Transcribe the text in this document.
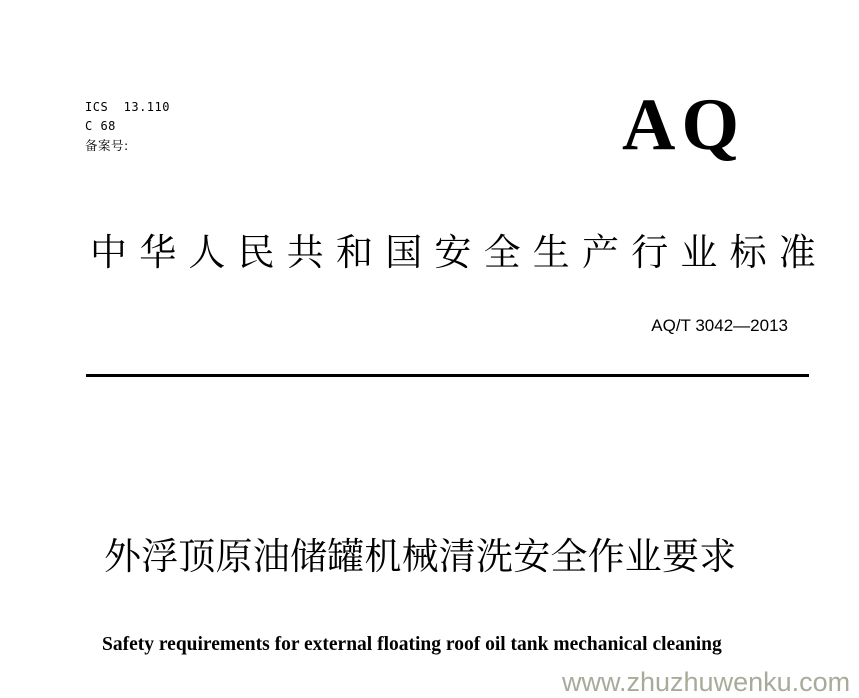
ICS  13.110
C 68
备案号:	AQ
中华人民共和国安全生产行业标准
AQ/T 3042—2013
外浮顶原油储罐机械清洗安全作业要求
Safety requirements for external floating roof oil tank mechanical cleaning
www.zhuzhuwenku.com
